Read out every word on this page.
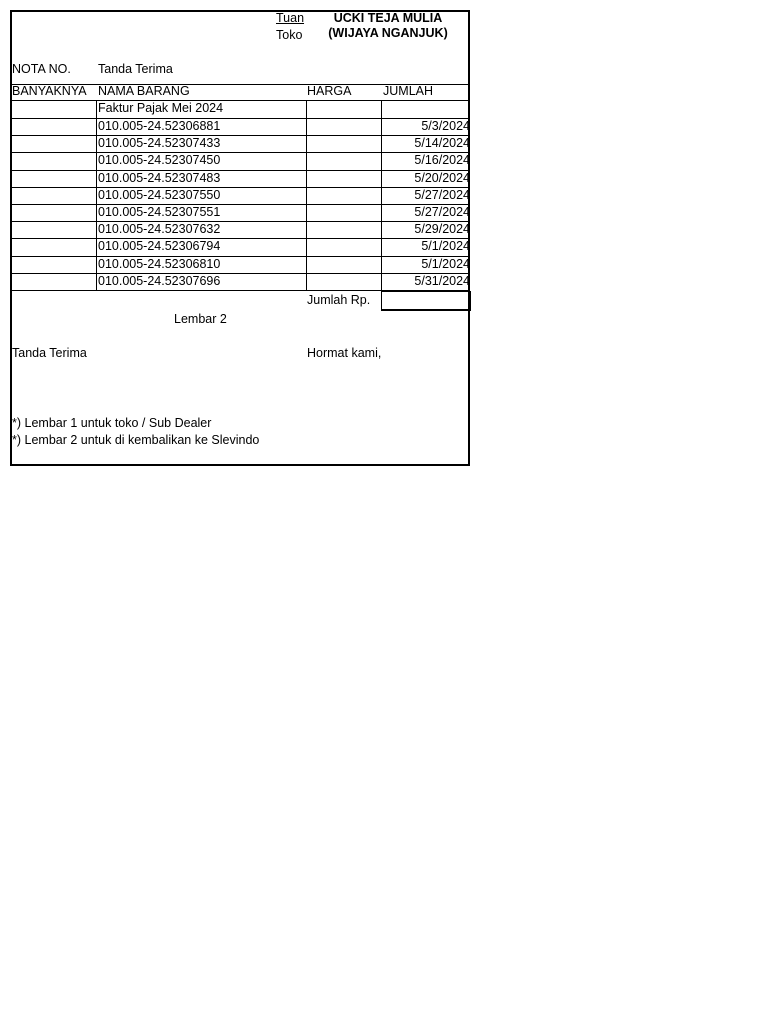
Tuan
Toko
UCKI TEJA MULIA
(WIJAYA NGANJUK)
NOTA NO. Tanda Terima
BANYAKNYA NAMA BARANG	HARGA	JUMLAH
Faktur Pajak Mei 2024
010.005-24.52306881	5/3/2024
010.005-24.52307433	5/14/2024
010.005-24.52307450	5/16/2024
010.005-24.52307483	5/20/2024
010.005-24.52307550	5/27/2024
010.005-24.52307551	5/27/2024
010.005-24.52307632	5/29/2024
010.005-24.52306794	5/1/2024
010.005-24.52306810	5/1/2024
010.005-24.52307696	5/31/2024
Jumlah Rp.
Lembar 2
Tanda Terima	Hormat kami,
*) Lembar 1 untuk toko / Sub Dealer
*) Lembar 2 untuk di kembalikan ke Slevindo
